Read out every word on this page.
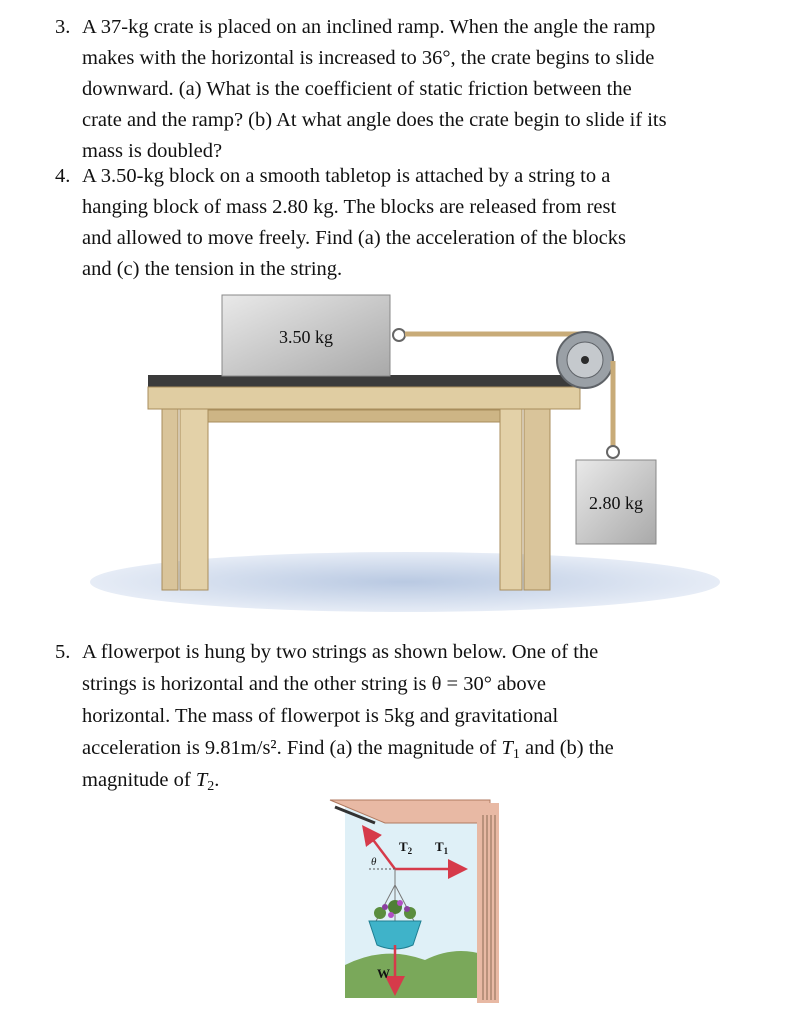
3. A 37-kg crate is placed on an inclined ramp. When the angle the ramp
makes with the horizontal is increased to 36°, the crate begins to slide
downward. (a) What is the coefficient of static friction between the
crate and the ramp? (b) At what angle does the crate begin to slide if its
mass is doubled?
4. A 3.50-kg block on a smooth tabletop is attached by a string to a
hanging block of mass 2.80 kg. The blocks are released from rest
and allowed to move freely. Find (a) the acceleration of the blocks
and (c) the tension in the string.
3.50 kg
2.80 kg
5. A flowerpot is hung by two strings as shown below. One of the
strings is horizontal and the other string is θ = 30° above
horizontal. The mass of flowerpot is 5kg and gravitational
acceleration is 9.81m/s². Find (a) the magnitude of $T_1$ and (b) the
magnitude of $T_2$.
θ
$T_2$ $T_1$
W
